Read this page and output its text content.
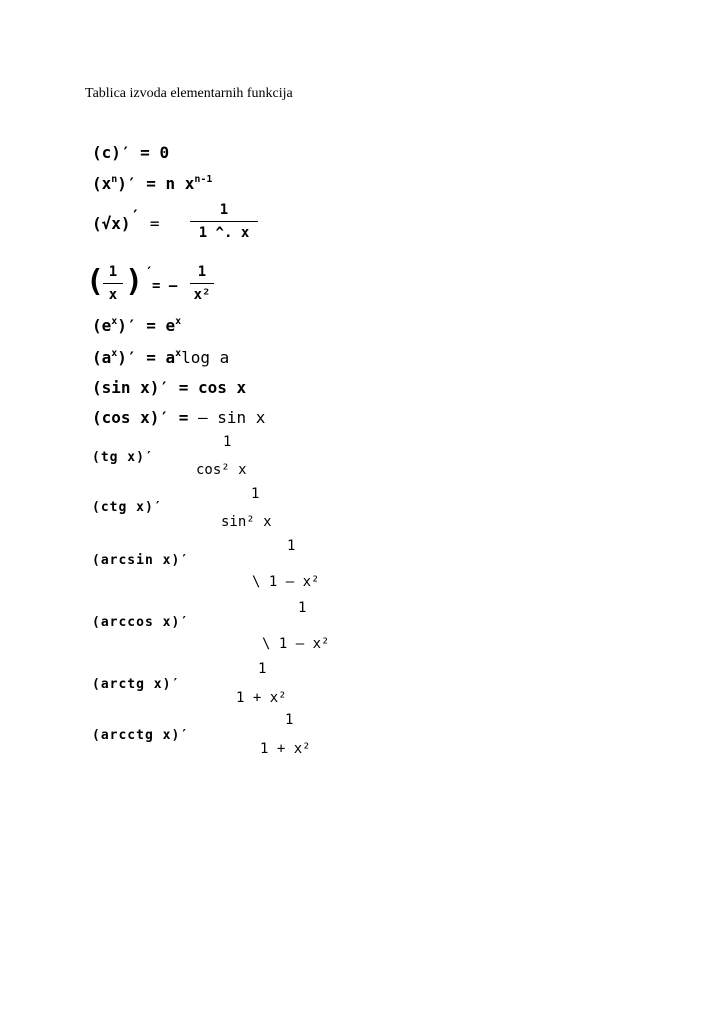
Tablica izvoda elementarnih funkcija
(c)′ = 0
$(x^n)' = n$ $x^{n-1}$
(√x)′ =
1
1 ^. x
( 1
x ) ′
= –
1
x²
$(e^x)' = e^x$
$(a^x)' = a^x\log$ a
(sin x)′ = cos x
(cos x)′ = – sin x
(tg x)′
1
cos² x
(ctg x)′
1
sin² x
(arcsin x)′
1
\ 1 – x²
(arccos x)′
1
\ 1 – x²
(arctg x)′
1
1 + x²
(arcctg x)′
1
1 + x²
